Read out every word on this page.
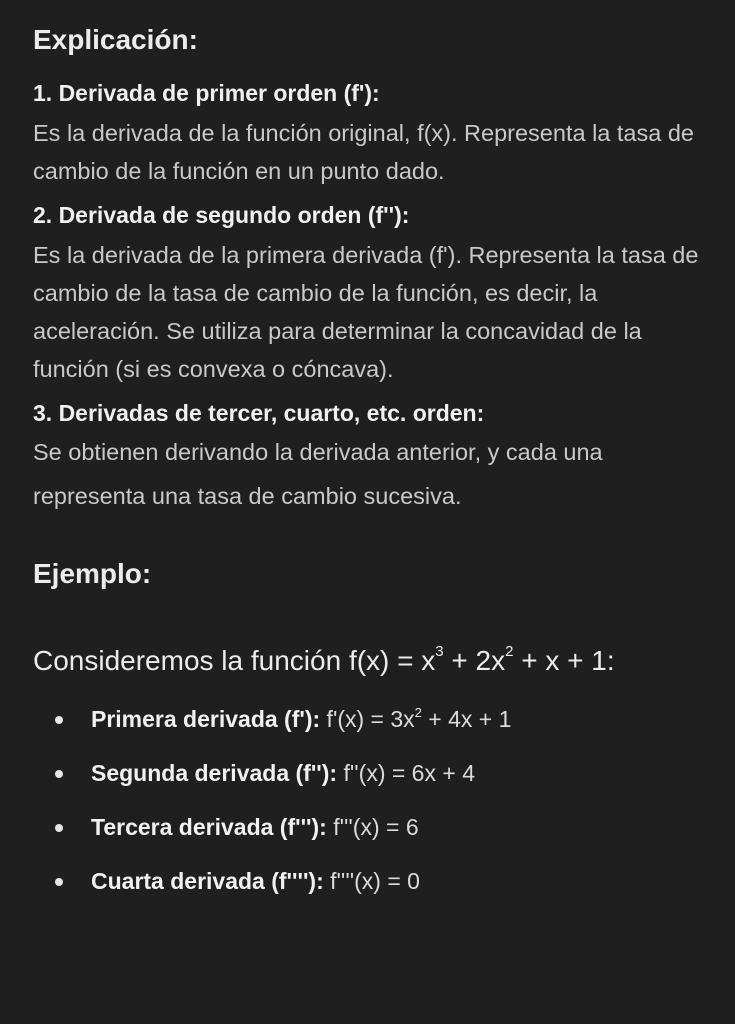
Explicación:

1. Derivada de primer orden (f'):

Es la derivada de la función original, f(x). Representa la tasa de cambio de la función en un punto dado.

2. Derivada de segundo orden (f''):

Es la derivada de la primera derivada (f'). Representa la tasa de cambio de la tasa de cambio de la función, es decir, la aceleración. Se utiliza para determinar la concavidad de la función (si es convexa o cóncava).

3. Derivadas de tercer, cuarto, etc. orden:

Se obtienen derivando la derivada anterior, y cada una representa una tasa de cambio sucesiva.

Ejemplo:

Consideremos la función $f(x) = x^3 + 2x^2 + x + 1$:

Primera derivada (f'): $f'(x) = 3x^2 + 4x + 1$
Segunda derivada (f''): f''(x) = 6x + 4
Tercera derivada (f'''): f'''(x) = 6
Cuarta derivada (f''''): f''''(x) = 0
